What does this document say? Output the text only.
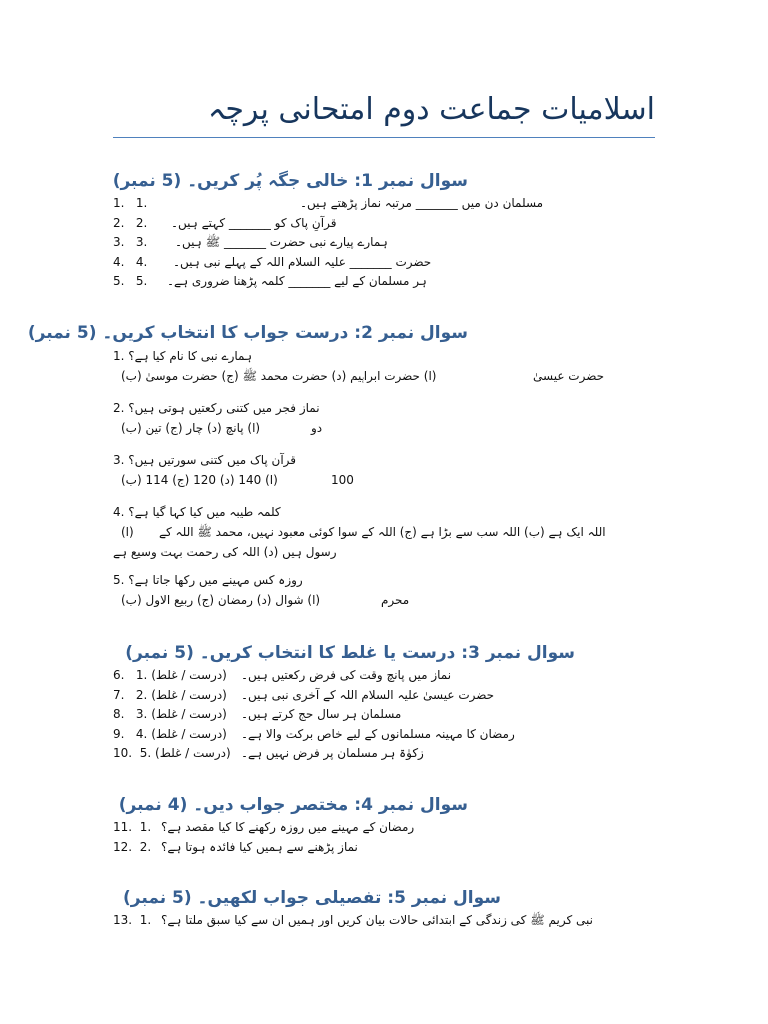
اسلامیات جماعت دوم امتحانی پرچہ
سوال نمبر 1: خالی جگہ پُر کریں۔ (5 نمبر)
1. 1.	مسلمان دن میں _______ مرتبہ نماز پڑھتے ہیں۔
2. 2. قرآنِ پاک کو _______ کہتے ہیں۔
3. 3. ہمارے پیارے نبی حضرت _______ ﷺ ہیں۔
4. 4. حضرت _______ علیہ السلام اللہ کے پہلے نبی ہیں۔
5. 5. ہر مسلمان کے لیے _______ کلمہ پڑھنا ضروری ہے۔
سوال نمبر 2: درست جواب کا انتخاب کریں۔ (5 نمبر)
1. ہمارے نبی کا نام کیا ہے؟
(ا) حضرت ابراہیم (د) حضرت محمد ﷺ (ج) حضرت موسیٰ (ب)	حضرت عیسیٰ
2. نماز فجر میں کتنی رکعتیں ہوتی ہیں؟
(ا) پانچ (د) چار (ج) تین (ب)	دو
3. قرآن پاک میں کتنی سورتیں ہیں؟
(ا) 140 (د) 120 (ج) 114 (ب)	100
4. کلمہ طیبہ میں کیا کہا گیا ہے؟
(ا) اللہ ایک ہے (ب) اللہ سب سے بڑا ہے (ج) اللہ کے سوا کوئی معبود نہیں، محمد ﷺ اللہ کے
رسول ہیں (د) اللہ کی رحمت بہت وسیع ہے
5. روزہ کس مہینے میں رکھا جاتا ہے؟
(ا) شوال (د) رمضان (ج) ربیع الاول (ب)	محرم
سوال نمبر 3: درست یا غلط کا انتخاب کریں۔ (5 نمبر)
6. 1. (درست / غلط) نماز میں پانچ وقت کی فرض رکعتیں ہیں۔
7. 2. (درست / غلط) حضرت عیسیٰ علیہ السلام اللہ کے آخری نبی ہیں۔
8. 3. (درست / غلط) مسلمان ہر سال حج کرتے ہیں۔
9. 4. (درست / غلط) رمضان کا مہینہ مسلمانوں کے لیے خاص برکت والا ہے۔
10. 5. (درست / غلط) زکوٰۃ ہر مسلمان پر فرض نہیں ہے۔
سوال نمبر 4: مختصر جواب دیں۔ (4 نمبر)
11. 1. رمضان کے مہینے میں روزہ رکھنے کا کیا مقصد ہے؟
12. 2. نماز پڑھنے سے ہمیں کیا فائدہ ہوتا ہے؟
سوال نمبر 5: تفصیلی جواب لکھیں۔ (5 نمبر)
13. 1. نبی کریم ﷺ کی زندگی کے ابتدائی حالات بیان کریں اور ہمیں ان سے کیا سبق ملتا ہے؟
